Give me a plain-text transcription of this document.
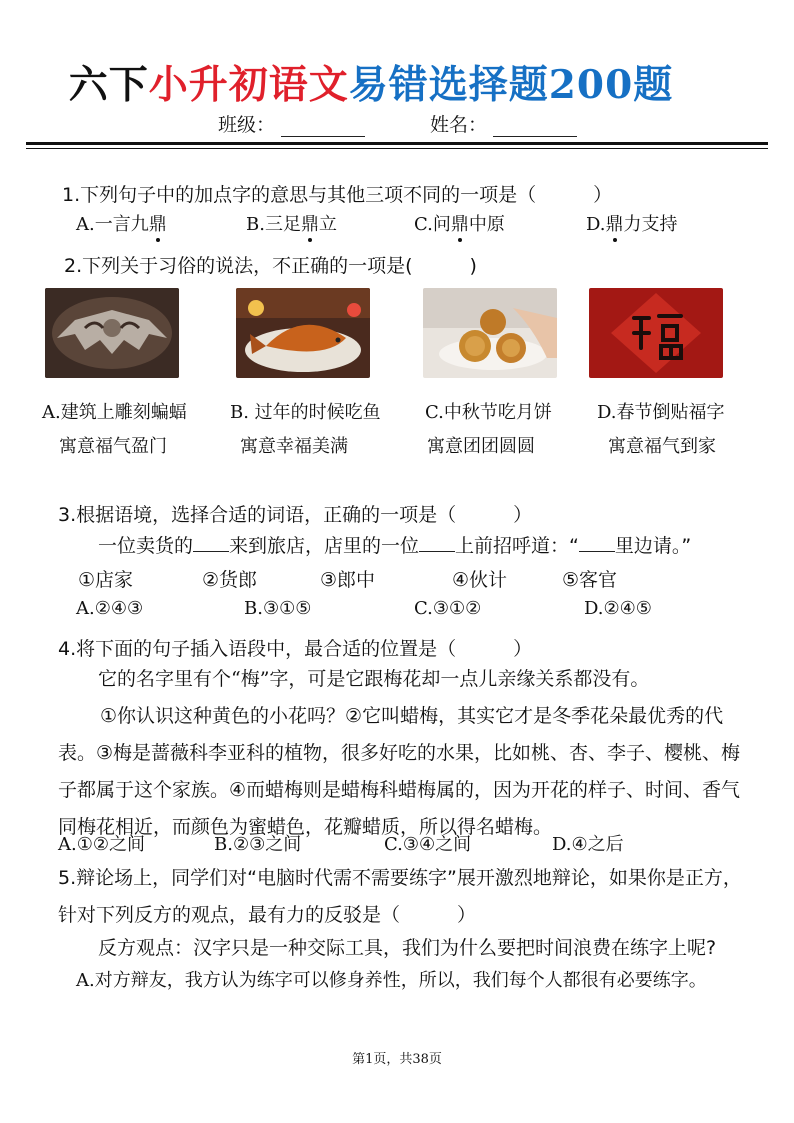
六下小升初语文易错选择题200题
班级：	姓名：
1.下列句子中的加点字的意思与其他三项不同的一项是（　　　）
A.一言九鼎	B.三足鼎立	C.问鼎中原	D.鼎力支持
2.下列关于习俗的说法，不正确的一项是(　　　)
A.建筑上雕刻蝙蝠
寓意福气盈门
B. 过年的时候吃鱼
寓意幸福美满
C.中秋节吃月饼
寓意团团圆圆
D.春节倒贴福字
寓意福气到家
3.根据语境，选择合适的词语，正确的一项是（　　　）
一位卖货的 来到旅店，店里的一位 上前招呼道：“ 里边请。”
①店家	②货郎	③郎中	④伙计	⑤客官
A.②④③	B.③①⑤	C.③①②	D.②④⑤
4.将下面的句子插入语段中，最合适的位置是（　　　）
它的名字里有个“梅”字，可是它跟梅花却一点儿亲缘关系都没有。
①你认识这种黄色的小花吗？②它叫蜡梅，其实它才是冬季花朵最优秀的代表。③梅是蔷薇科李亚科的植物，很多好吃的水果，比如桃、杏、李子、樱桃、梅子都属于这个家族。④而蜡梅则是蜡梅科蜡梅属的，因为开花的样子、时间、香气同梅花相近，而颜色为蜜蜡色，花瓣蜡质，所以得名蜡梅。
A.①②之间	B.②③之间	C.③④之间	D.④之后
5.辩论场上，同学们对“电脑时代需不需要练字”展开激烈地辩论，如果你是正方，针对下列反方的观点，最有力的反驳是（　　　）
反方观点：汉字只是一种交际工具，我们为什么要把时间浪费在练字上呢?
A.对方辩友，我方认为练字可以修身养性，所以，我们每个人都很有必要练字。
第1页，共38页
